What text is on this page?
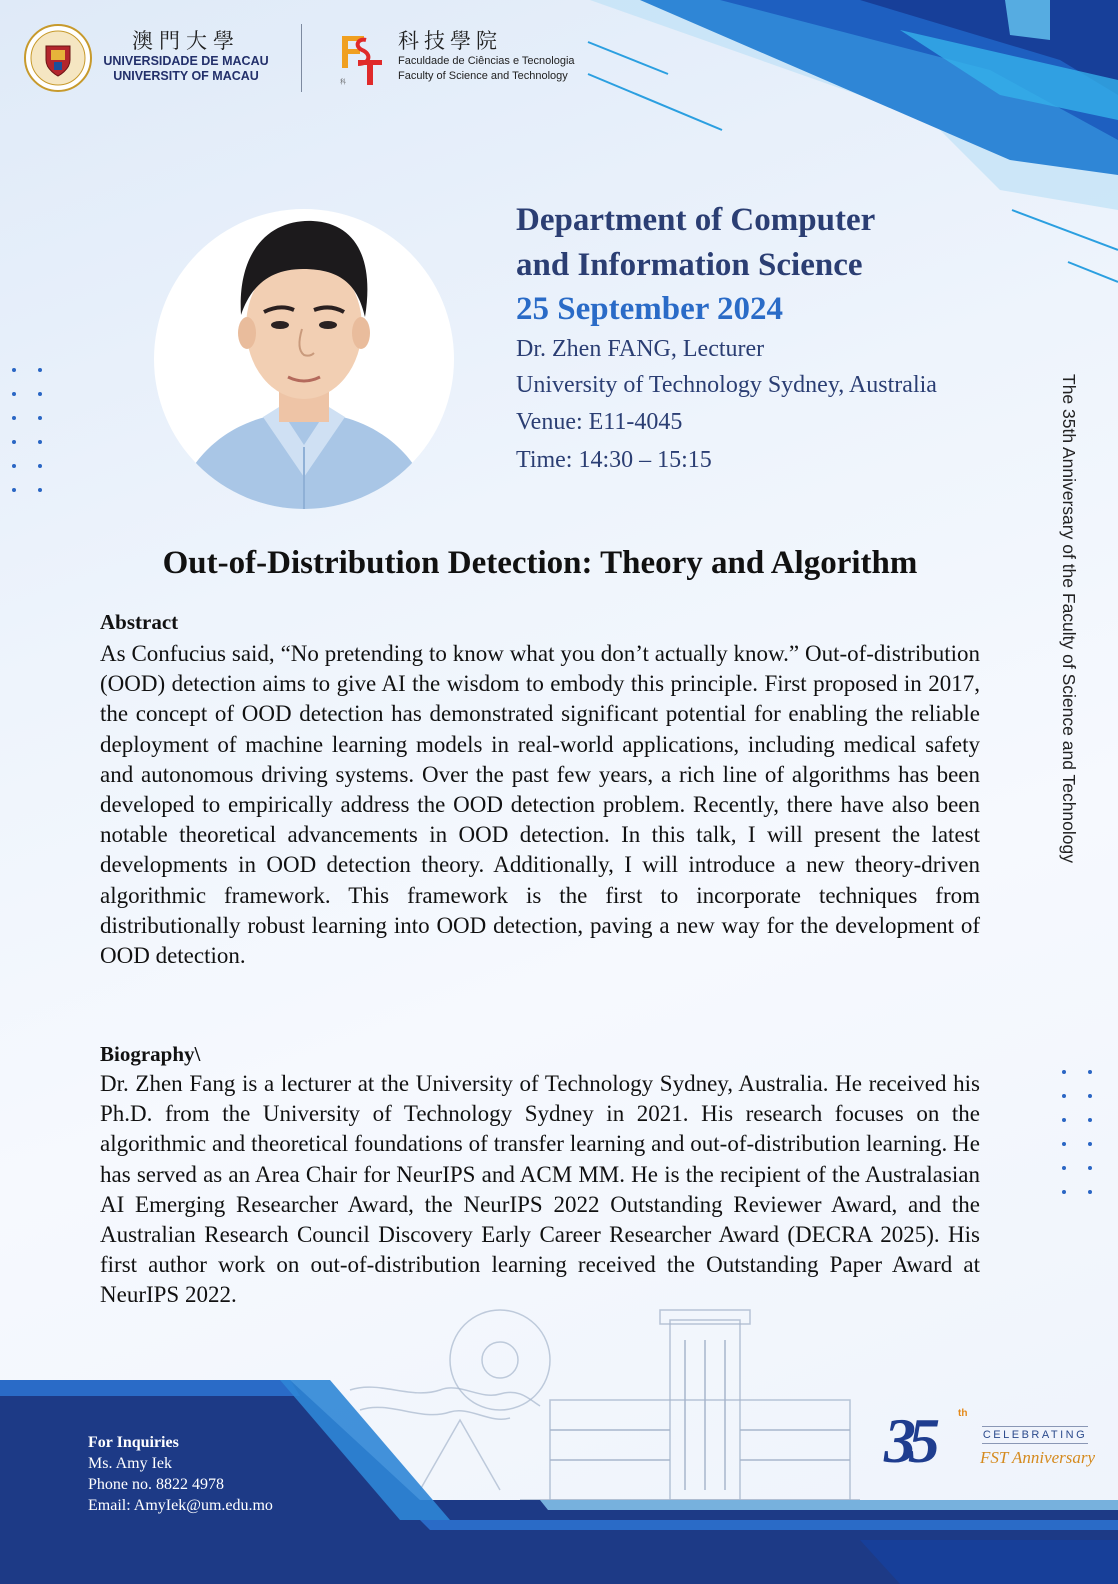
澳門大學
UNIVERSIDADE DE MACAU
UNIVERSITY OF MACAU	科
科技學院
Faculdade de Ciências e Tecnologia
Faculty of Science and Technology
Department of Computer
and Information Science
25 September 2024
Dr. Zhen FANG, Lecturer
University of Technology Sydney, Australia
Venue: E11-4045
Time: 14:30 – 15:15	The 35th Anniversary of the Faculty of Science and Technology
Out-of-Distribution Detection: Theory and Algorithm
Abstract
As Confucius said, “No pretending to know what you don’t actually know.” Out-of-distribution (OOD) detection aims to give AI the wisdom to embody this principle. First proposed in 2017, the concept of OOD detection has demonstrated significant potential for enabling the reliable deployment of machine learning models in real-world applications, including medical safety and autonomous driving systems. Over the past few years, a rich line of algorithms has been developed to empirically address the OOD detection problem. Recently, there have also been notable theoretical advancements in OOD detection. In this talk, I will present the latest developments in OOD detection theory. Additionally, I will introduce a new theory-driven algorithmic framework. This framework is the first to incorporate techniques from distributionally robust learning into OOD detection, paving a new way for the development of OOD detection.
Biography\
Dr. Zhen Fang is a lecturer at the University of Technology Sydney, Australia. He received his Ph.D. from the University of Technology Sydney in 2021. His research focuses on the algorithmic and theoretical foundations of transfer learning and out-of-distribution learning. He has served as an Area Chair for NeurIPS and ACM MM. He is the recipient of the Australasian AI Emerging Researcher Award, the NeurIPS 2022 Outstanding Reviewer Award, and the Australian Research Council Discovery Early Career Researcher Award (DECRA 2025). His first author work on out-of-distribution learning received the Outstanding Paper Award at NeurIPS 2022.
For Inquiries
Ms. Amy Iek
Phone no. 8822 4978
Email: AmyIek@um.edu.mo
35	th
CELEBRATING
FST Anniversary
